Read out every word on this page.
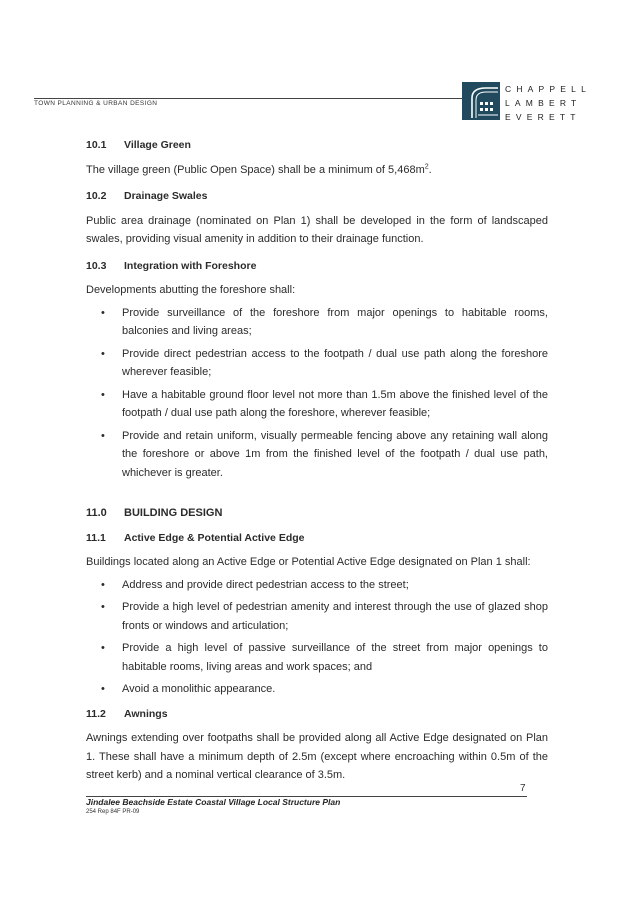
TOWN PLANNING & URBAN DESIGN
CHAPPELL
LAMBERT
EVERETT
10.1	Village Green

The village green (Public Open Space) shall be a minimum of $5,468m^2$.

10.2	Drainage Swales

Public area drainage (nominated on Plan 1) shall be developed in the form of landscaped swales, providing visual amenity in addition to their drainage function.

10.3	Integration with Foreshore

Developments abutting the foreshore shall:

• Provide surveillance of the foreshore from major openings to habitable rooms, balconies and living areas;
• Provide direct pedestrian access to the footpath / dual use path along the foreshore wherever feasible;
• Have a habitable ground floor level not more than 1.5m above the finished level of the footpath / dual use path along the foreshore, wherever feasible;
• Provide and retain uniform, visually permeable fencing above any retaining wall along the foreshore or above 1m from the finished level of the footpath / dual use path, whichever is greater.
11.0	BUILDING DESIGN
11.1	Active Edge & Potential Active Edge

Buildings located along an Active Edge or Potential Active Edge designated on Plan 1 shall:

• Address and provide direct pedestrian access to the street;
• Provide a high level of pedestrian amenity and interest through the use of glazed shop fronts or windows and articulation;
• Provide a high level of passive surveillance of the street from major openings to habitable rooms, living areas and work spaces; and
• Avoid a monolithic appearance.
11.2	Awnings

Awnings extending over footpaths shall be provided along all Active Edge designated on Plan 1. These shall have a minimum depth of 2.5m (except where encroaching within 0.5m of the street kerb) and a nominal vertical clearance of 3.5m.

7
Jindalee Beachside Estate Coastal Village Local Structure Plan
254 Rep 84F PR-09
